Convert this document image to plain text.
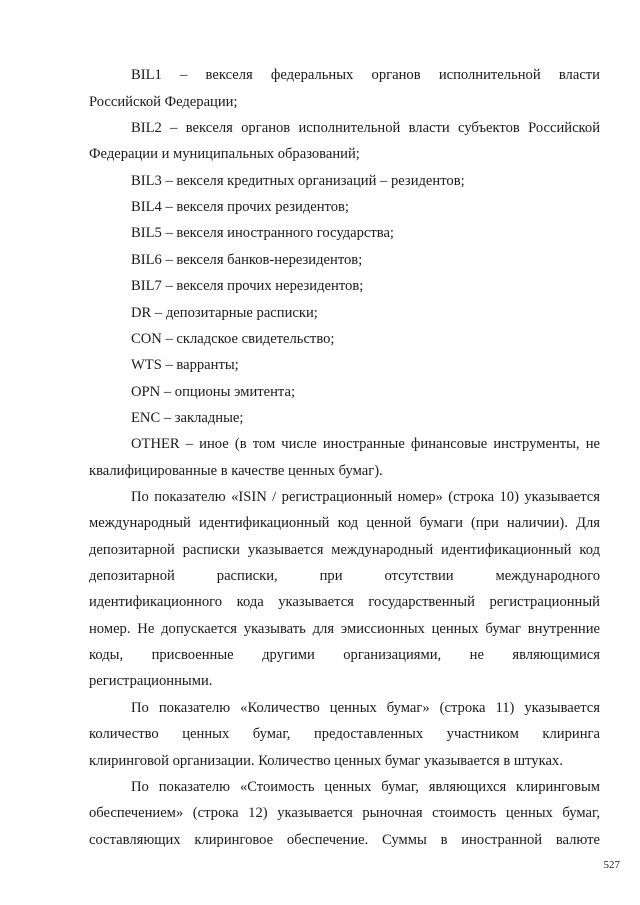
BIL1 – векселя федеральных органов исполнительной власти
Российской Федерации;
BIL2 – векселя органов исполнительной власти субъектов Российской
Федерации и муниципальных образований;
BIL3 – векселя кредитных организаций – резидентов;
BIL4 – векселя прочих резидентов;
BIL5 – векселя иностранного государства;
BIL6 – векселя банков-нерезидентов;
BIL7 – векселя прочих нерезидентов;
DR – депозитарные расписки;
CON – складское свидетельство;
WTS – варранты;
OPN – опционы эмитента;
ENC – закладные;
OTHER – иное (в том числе иностранные финансовые инструменты, не
квалифицированные в качестве ценных бумаг).
По показателю «ISIN / регистрационный номер» (строка 10) указывается
международный идентификационный код ценной бумаги (при наличии). Для
депозитарной расписки указывается международный идентификационный код
депозитарной расписки, при отсутствии международного
идентификационного кода указывается государственный регистрационный
номер. Не допускается указывать для эмиссионных ценных бумаг внутренние
коды, присвоенные другими организациями, не являющимися
регистрационными.
По показателю «Количество ценных бумаг» (строка 11) указывается
количество ценных бумаг, предоставленных участником клиринга
клиринговой организации. Количество ценных бумаг указывается в штуках.
По показателю «Стоимость ценных бумаг, являющихся клиринговым
обеспечением» (строка 12) указывается рыночная стоимость ценных бумаг,
составляющих клиринговое обеспечение. Суммы в иностранной валюте
527
